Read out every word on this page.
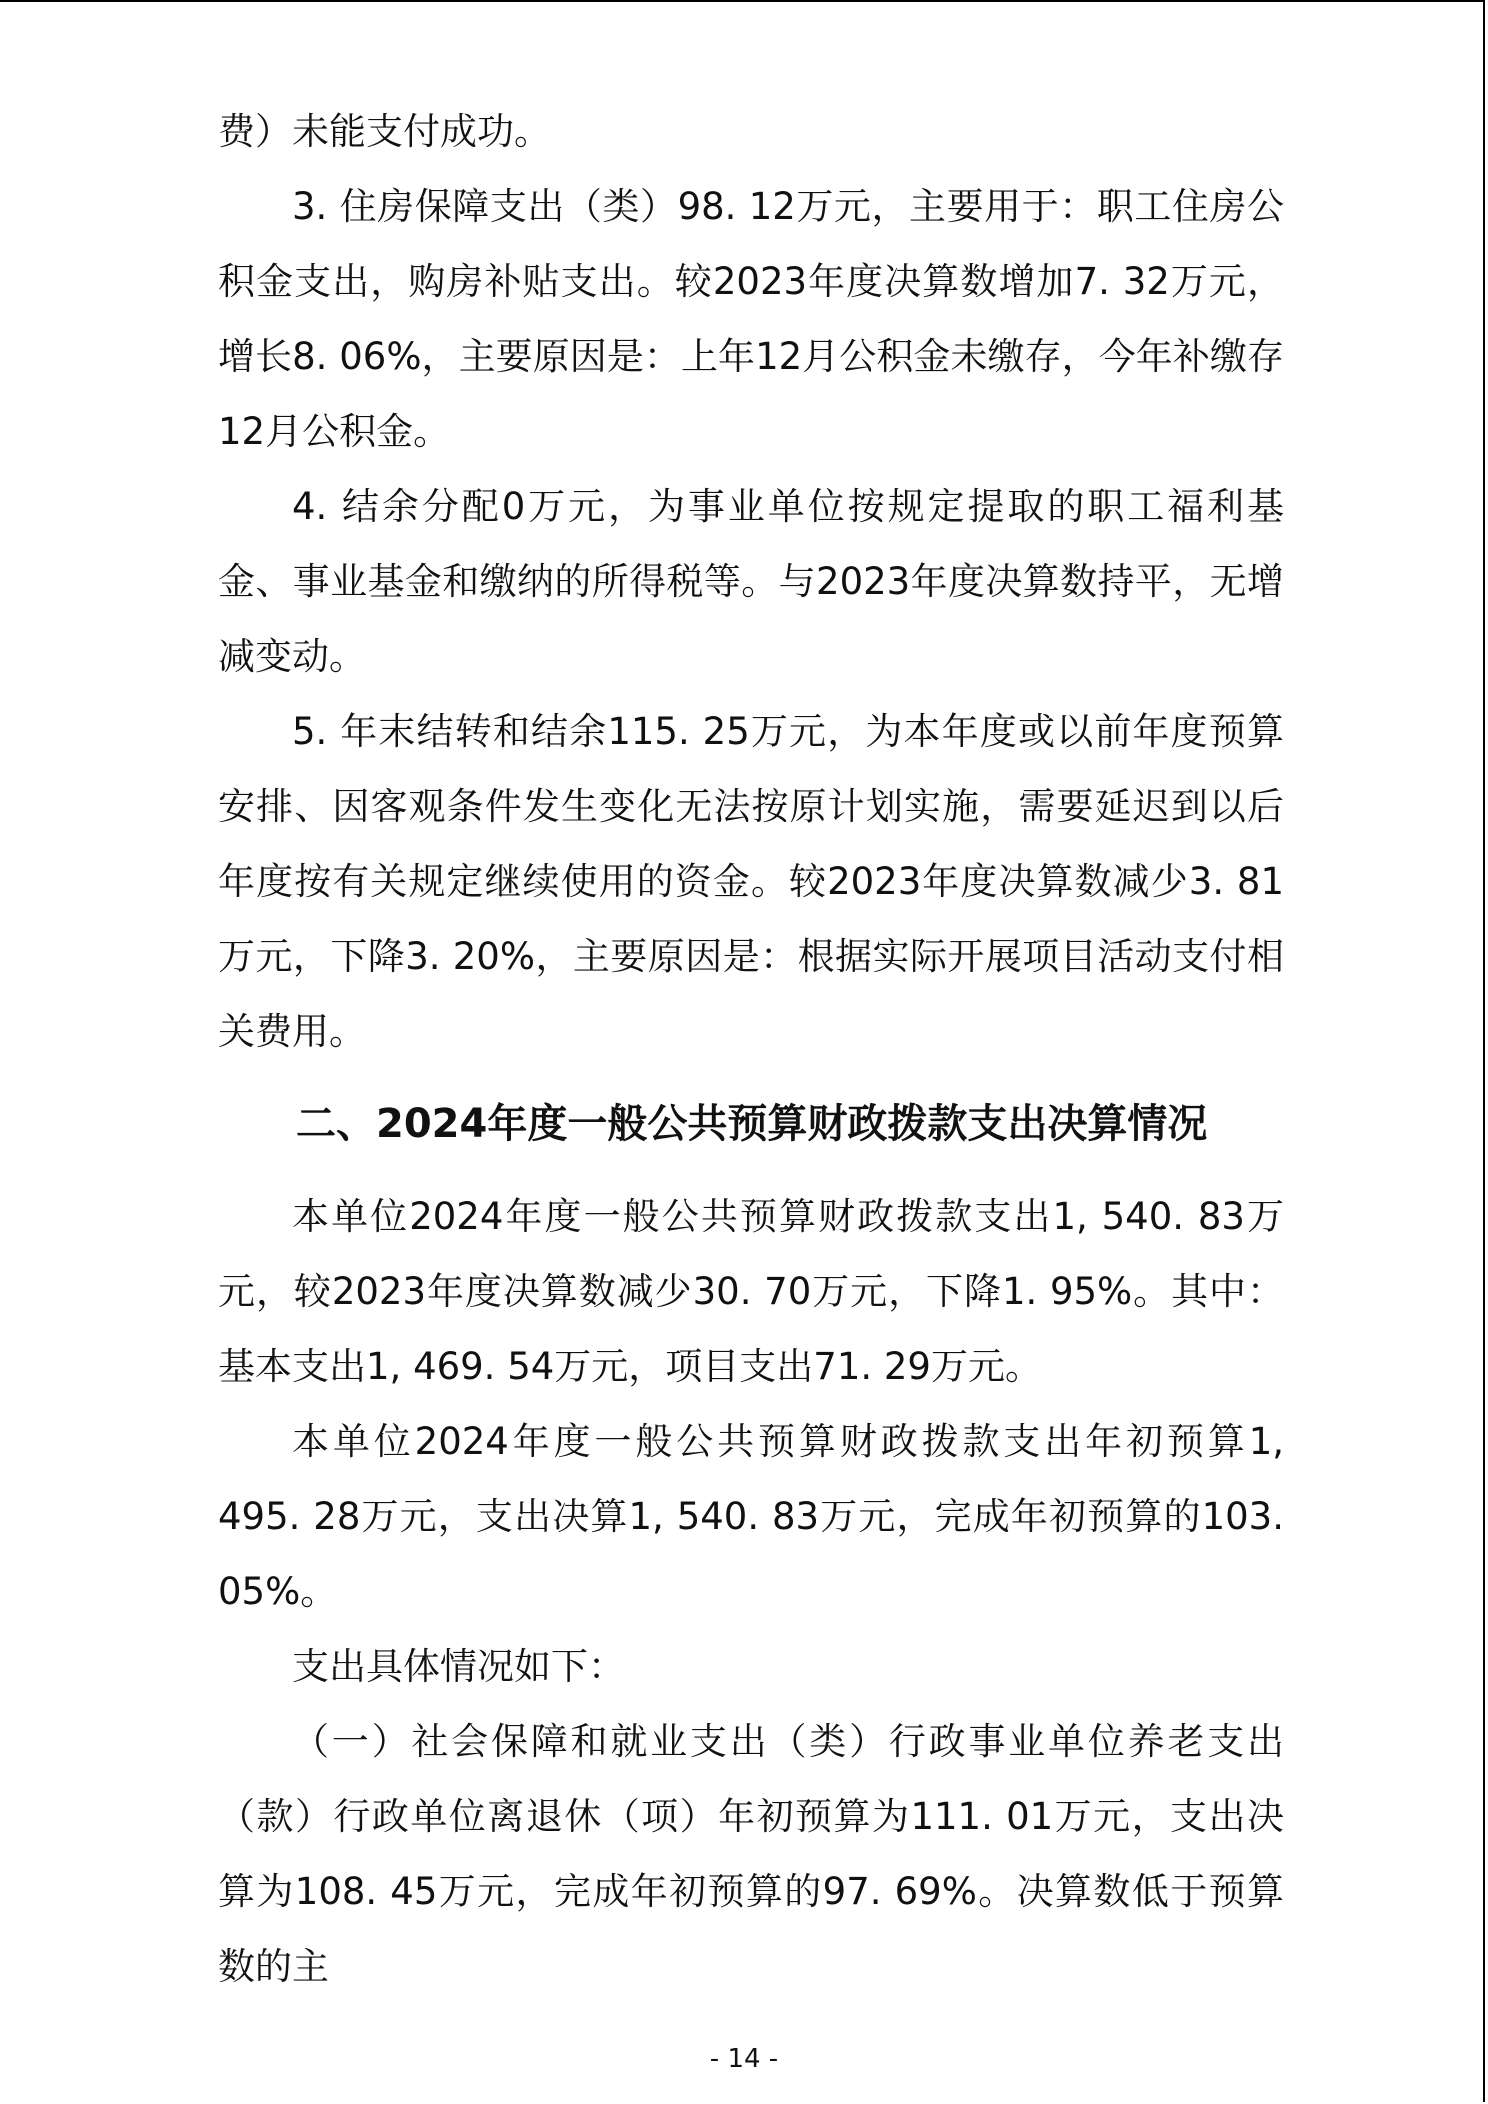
费）未能支付成功。

3. 住房保障支出（类）98. 12万元，主要用于：职工住房公积金支出，购房补贴支出。较2023年度决算数增加7. 32万元，增长8. 06%，主要原因是：上年12月公积金未缴存，今年补缴存12月公积金。

4. 结余分配0万元，为事业单位按规定提取的职工福利基金、事业基金和缴纳的所得税等。与2023年度决算数持平，无增减变动。

5. 年末结转和结余115. 25万元，为本年度或以前年度预算安排、因客观条件发生变化无法按原计划实施，需要延迟到以后年度按有关规定继续使用的资金。较2023年度决算数减少3. 81万元，下降3. 20%，主要原因是：根据实际开展项目活动支付相关费用。

二、2024年度一般公共预算财政拨款支出决算情况

本单位2024年度一般公共预算财政拨款支出1, 540. 83万元，较2023年度决算数减少30. 70万元，下降1. 95%。其中：基本支出1, 469. 54万元，项目支出71. 29万元。

本单位2024年度一般公共预算财政拨款支出年初预算1, 495. 28万元，支出决算1, 540. 83万元，完成年初预算的103. 05%。

支出具体情况如下：

（一）社会保障和就业支出（类）行政事业单位养老支出（款）行政单位离退休（项）年初预算为111. 01万元，支出决算为108. 45万元，完成年初预算的97. 69%。决算数低于预算数的主

- 14 -
